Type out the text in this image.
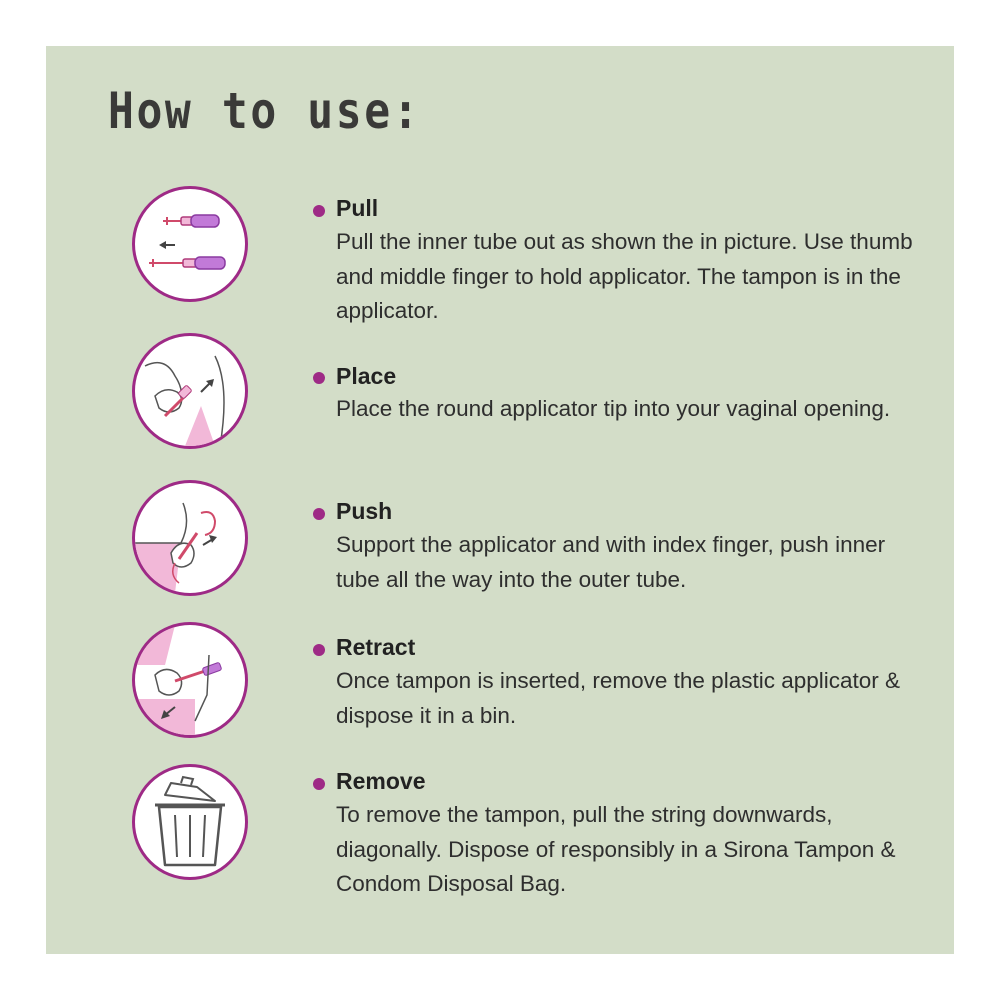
How to use:
Pull
Pull the inner tube out as shown the in picture. Use thumb and middle finger to hold applicator. The tampon is in the applicator.
Place
Place the round applicator tip into your vaginal opening.
Push
Support the applicator and with index finger, push inner tube all the way into the outer tube.
Retract
Once tampon is inserted, remove the plastic applicator & dispose it in a bin.
Remove
To remove the tampon, pull the string downwards, diagonally. Dispose of responsibly in a Sirona Tampon & Condom Disposal Bag.
